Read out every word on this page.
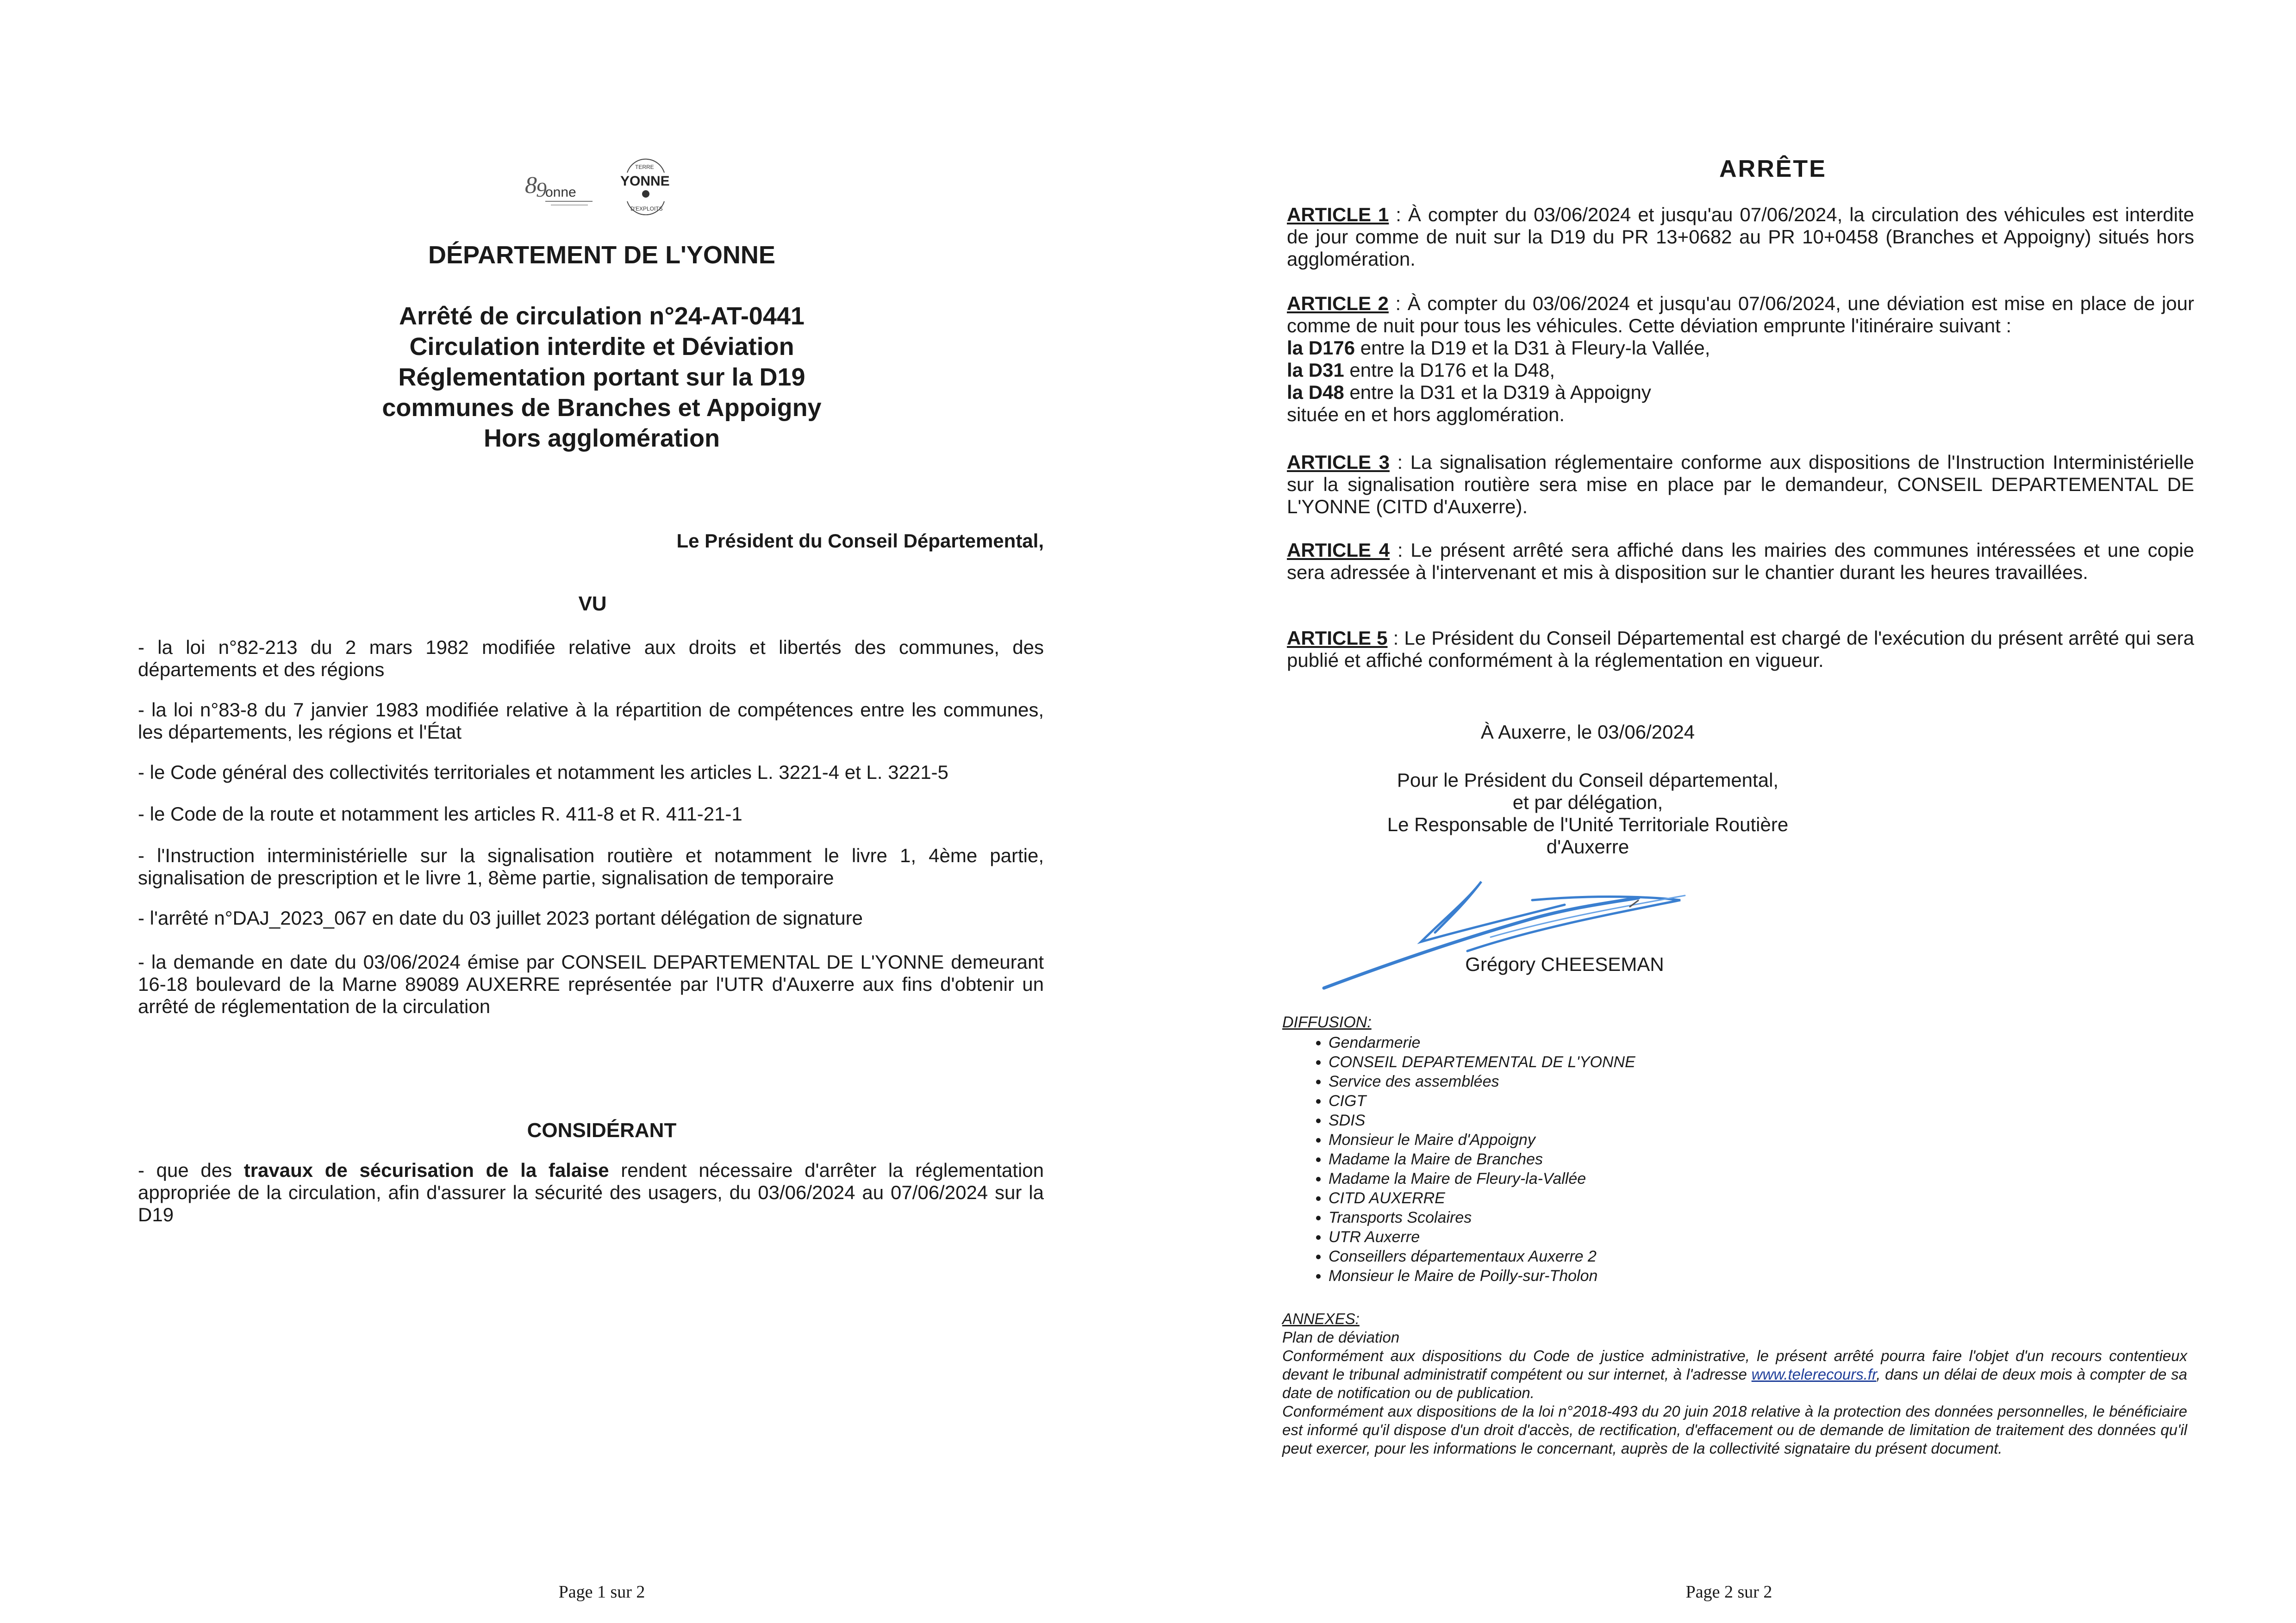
8
9
onne
TERRE
YONNE
D'EXPLOITS
DÉPARTEMENT DE L'YONNE
Arrêté de circulation n°24-AT-0441
Circulation interdite et Déviation
Réglementation portant sur la D19
communes de Branches et Appoigny
Hors agglomération
Le Président du Conseil Départemental,
VU
- la loi n°82-213 du 2 mars 1982 modifiée relative aux droits et libertés des communes, des départements et des régions
- la loi n°83-8 du 7 janvier 1983 modifiée relative à la répartition de compétences entre les communes, les départements, les régions et l'État
- le Code général des collectivités territoriales et notamment les articles L. 3221-4 et L. 3221-5
- le Code de la route et notamment les articles R. 411-8 et R. 411-21-1
- l'Instruction interministérielle sur la signalisation routière et notamment le livre 1, 4ème partie, signalisation de prescription et le livre 1, 8ème partie, signalisation de temporaire
- l'arrêté n°DAJ_2023_067 en date du 03 juillet 2023 portant délégation de signature
- la demande en date du 03/06/2024 émise par CONSEIL DEPARTEMENTAL DE L'YONNE demeurant 16-18 boulevard de la Marne 89089 AUXERRE représentée par l'UTR d'Auxerre aux fins d'obtenir un arrêté de réglementation de la circulation
CONSIDÉRANT
- que des travaux de sécurisation de la falaise rendent nécessaire d'arrêter la réglementation appropriée de la circulation, afin d'assurer la sécurité des usagers, du 03/06/2024 au 07/06/2024 sur la D19
Page 1 sur 2
ARRÊTE
ARTICLE 1 : À compter du 03/06/2024 et jusqu'au 07/06/2024, la circulation des véhicules est interdite de jour comme de nuit sur la D19 du PR 13+0682 au PR 10+0458 (Branches et Appoigny) situés hors agglomération.
ARTICLE 2 : À compter du 03/06/2024 et jusqu'au 07/06/2024, une déviation est mise en place de jour comme de nuit pour tous les véhicules. Cette déviation emprunte l'itinéraire suivant :
la D176 entre la D19 et la D31 à Fleury-la Vallée,
la D31 entre la D176 et la D48,
la D48 entre la D31 et la D319 à Appoigny
située en et hors agglomération.
ARTICLE 3 : La signalisation réglementaire conforme aux dispositions de l'Instruction Interministérielle sur la signalisation routière sera mise en place par le demandeur, CONSEIL DEPARTEMENTAL DE L'YONNE (CITD d'Auxerre).
ARTICLE 4 : Le présent arrêté sera affiché dans les mairies des communes intéressées et une copie sera adressée à l'intervenant et mis à disposition sur le chantier durant les heures travaillées.
ARTICLE 5 : Le Président du Conseil Départemental est chargé de l'exécution du présent arrêté qui sera publié et affiché conformément à la réglementation en vigueur.
À Auxerre, le 03/06/2024
Pour le Président du Conseil départemental,
et par délégation,
Le Responsable de l'Unité Territoriale Routière
d'Auxerre
Grégory CHEESEMAN
DIFFUSION:
• Gendarmerie
• CONSEIL DEPARTEMENTAL DE L'YONNE
• Service des assemblées
• CIGT
• SDIS
• Monsieur le Maire d'Appoigny
• Madame la Maire de Branches
• Madame la Maire de Fleury-la-Vallée
• CITD AUXERRE
• Transports Scolaires
• UTR Auxerre
• Conseillers départementaux Auxerre 2
• Monsieur le Maire de Poilly-sur-Tholon
ANNEXES:
Plan de déviation
Conformément aux dispositions du Code de justice administrative, le présent arrêté pourra faire l'objet d'un recours contentieux devant le tribunal administratif compétent ou sur internet, à l'adresse www.telerecours.fr, dans un délai de deux mois à compter de sa date de notification ou de publication.
Conformément aux dispositions de la loi n°2018-493 du 20 juin 2018 relative à la protection des données personnelles, le bénéficiaire est informé qu'il dispose d'un droit d'accès, de rectification, d'effacement ou de demande de limitation de traitement des données qu'il peut exercer, pour les informations le concernant, auprès de la collectivité signataire du présent document.
Page 2 sur 2
